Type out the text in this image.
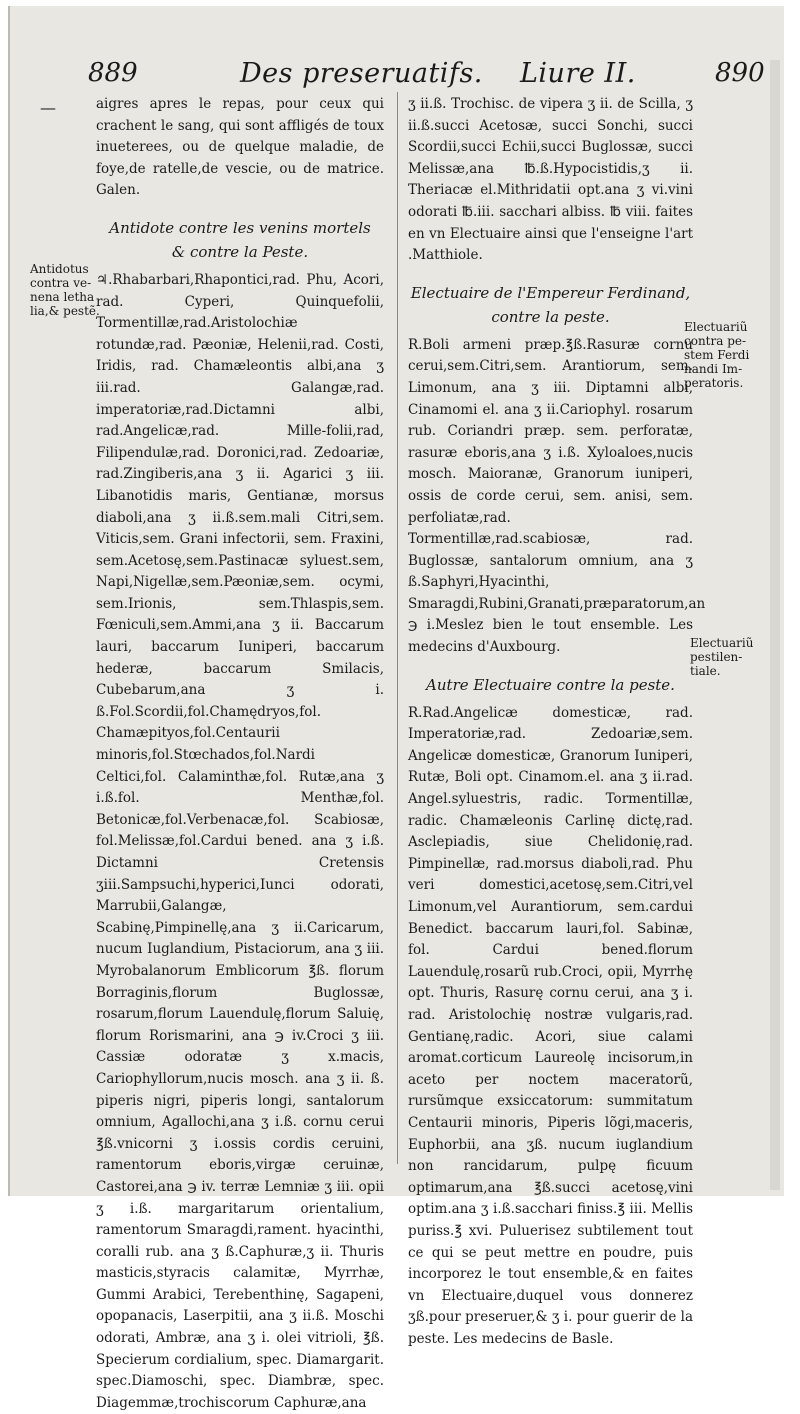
889	Des preseruatifs. Liure II.	890
—	aigres apres le repas, pour ceux qui crachent le sang, qui sont affligés de toux inueterees, ou de quelque maladie, de foye,de ratelle,de vescie, ou de matrice. Galen.

Antidote contre les venins mortels

& contre la Peste.

♃.Rhabarbari,Rhapontici,rad. Phu, Acori, rad. Cyperi, Quinquefolii, Tormentillæ,rad.Aristolochiæ rotundæ,rad. Pæoniæ, Helenii,rad. Costi, Iridis, rad. Chamæleontis albi,ana ʒ iii.rad. Galangæ,rad. imperatoriæ,rad.Dictamni albi, rad.Angelicæ,rad. Mille-folii,rad, Filipendulæ,rad. Doronici,rad. Zedoariæ, rad.Zingiberis,ana ʒ ii. Agarici ʒ iii. Libanotidis maris, Gentianæ, morsus diaboli,ana ʒ ii.ß.sem.mali Citri,sem. Viticis,sem. Grani infectorii, sem. Fraxini, sem.Acetosę,sem.Pastinacæ syluest.sem, Napi,Nigellæ,sem.Pæoniæ,sem. ocymi, sem.Irionis, sem.Thlaspis,sem. Fœniculi,sem.Ammi,ana ʒ ii. Baccarum lauri, baccarum Iuniperi, baccarum hederæ, baccarum Smilacis, Cubebarum,ana ʒ i. ß.Fol.Scordii,fol.Chamędryos,fol. Chamæpityos,fol.Centaurii minoris,fol.Stœchados,fol.Nardi Celtici,fol. Calaminthæ,fol. Rutæ,ana ʒ i.ß.fol. Menthæ,fol. Betonicæ,fol.Verbenacæ,fol. Scabiosæ, fol.Melissæ,fol.Cardui bened. ana ʒ i.ß. Dictamni Cretensis ʒiii.Sampsuchi,hyperici,Iunci odorati, Marrubii,Galangæ, Scabinę,Pimpinellę,ana ʒ ii.Caricarum, nucum Iuglandium, Pistaciorum, ana ʒ iii. Myrobalanorum Emblicorum ℥ß. florum Borraginis,florum Buglossæ, rosarum,florum Lauendulę,florum Saluię, florum Rorismarini, ana ℈ iv.Croci ʒ iii. Cassiæ odoratæ ʒ x.macis, Cariophyllorum,nucis mosch. ana ʒ ii. ß. piperis nigri, piperis longi, santalorum omnium, Agallochi,ana ʒ i.ß. cornu cerui ℥ß.vnicorni ʒ i.ossis cordis ceruini, ramentorum eboris,virgæ ceruinæ, Castorei,ana ℈ iv. terræ Lemniæ ʒ iii. opii ʒ i.ß. margaritarum orientalium, ramentorum Smaragdi,rament. hyacinthi, coralli rub. ana ʒ ß.Caphuræ,ʒ ii. Thuris masticis,styracis calamitæ, Myrrhæ, Gummi Arabici, Terebenthinę, Sagapeni, opopanacis, Laserpitii, ana ʒ ii.ß. Moschi odorati, Ambræ, ana ʒ i. olei vitrioli, ℥ß. Specierum cordialium, spec. Diamargarit. spec.Diamoschi, spec. Diambræ, spec. Diagemmæ,trochiscorum Caphuræ,ana

Antidotus
contra ve-
nena letha
lia,& pestẽ.

ʒ ii.ß. Trochisc. de vipera ʒ ii. de Scilla, ʒ ii.ß.succi Acetosæ, succi Sonchi, succi Scordii,succi Echii,succi Buglossæ, succi Melissæ,ana ℔.ß.Hypocistidis,ʒ ii. Theriacæ el.Mithridatii opt.ana ʒ vi.vini odorati ℔.iii. sacchari albiss. ℔ viii. faites en vn Electuaire ainsi que l'enseigne l'art .Matthiole.

Electuaire de l'Empereur Ferdinand,

contre la peste.

R.Boli armeni præp.℥ß.Rasuræ cornu cerui,sem.Citri,sem. Arantiorum, sem. Limonum, ana ʒ iii. Diptamni albi, Cinamomi el. ana ʒ ii.Cariophyl. rosarum rub. Coriandri præp. sem. perforatæ, rasuræ eboris,ana ʒ i.ß. Xyloaloes,nucis mosch. Maioranæ, Granorum iuniperi, ossis de corde cerui, sem. anisi, sem. perfoliatæ,rad. Tormentillæ,rad.scabiosæ, rad. Buglossæ, santalorum omnium, ana ʒ ß.Saphyri,Hyacinthi, Smaragdi,Rubini,Granati,præparatorum,an ℈ i.Meslez bien le tout ensemble. Les medecins d'Auxbourg.

Autre Electuaire contre la peste.

R.Rad.Angelicæ domesticæ, rad. Imperatoriæ,rad. Zedoariæ,sem. Angelicæ domesticæ, Granorum Iuniperi, Rutæ, Boli opt. Cinamom.el. ana ʒ ii.rad. Angel.syluestris, radic. Tormentillæ, radic. Chamæleonis Carlinę dictę,rad. Asclepiadis, siue Chelidonię,rad. Pimpinellæ, rad.morsus diaboli,rad. Phu veri domestici,acetosę,sem.Citri,vel Limonum,vel Aurantiorum, sem.cardui Benedict. baccarum lauri,fol. Sabinæ, fol. Cardui bened.florum Lauendulę,rosarũ rub.Croci, opii, Myrrhę opt. Thuris, Rasurę cornu cerui, ana ʒ i. rad. Aristolochię nostræ vulgaris,rad. Gentianę,radic. Acori, siue calami aromat.corticum Laureolę incisorum,in aceto per noctem maceratorũ, rursũmque exsiccatorum: summitatum Centaurii minoris, Piperis lõgi,maceris, Euphorbii, ana ʒß. nucum iuglandium non rancidarum, pulpę ficuum optimarum,ana ℥ß.succi acetosę,vini optim.ana ʒ i.ß.sacchari finiss.℥ iii. Mellis puriss.℥ xvi. Puluerisez subtilement tout ce qui se peut mettre en poudre, puis incorporez le tout ensemble,& en faites vn Electuaire,duquel vous donnerez ʒß.pour preseruer,& ʒ i. pour guerir de la peste. Les medecins de Basle.

Electuariũ
contra pe-
stem Ferdi
nandi Im-
peratoris.
Electuariũ
pestilen-
tiale.
